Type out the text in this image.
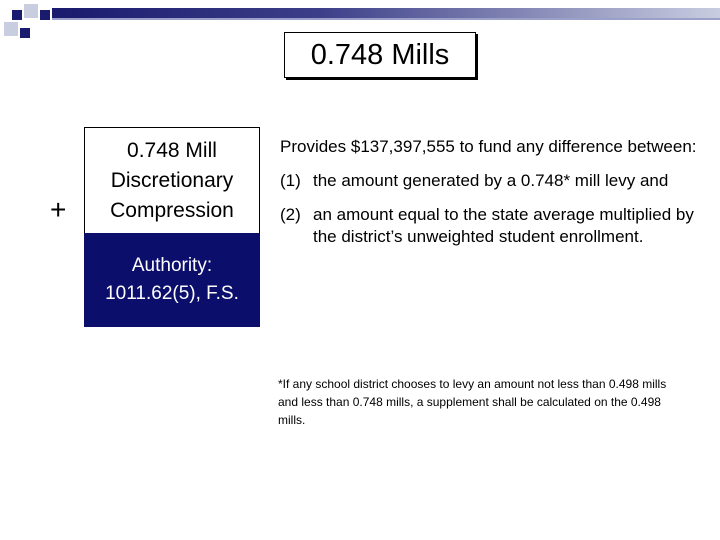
0.748 Mills
+
0.748 Mill
Discretionary
Compression
Authority:
1011.62(5), F.S.

Provides $137,397,555 to fund any difference between:

(1) the amount generated by a 0.748* mill levy and

(2) an amount equal to the state average multiplied by the district’s unweighted student enrollment.

*If any school district chooses to levy an amount not less than 0.498 mills and less than 0.748 mills, a supplement shall be calculated on the 0.498 mills.
